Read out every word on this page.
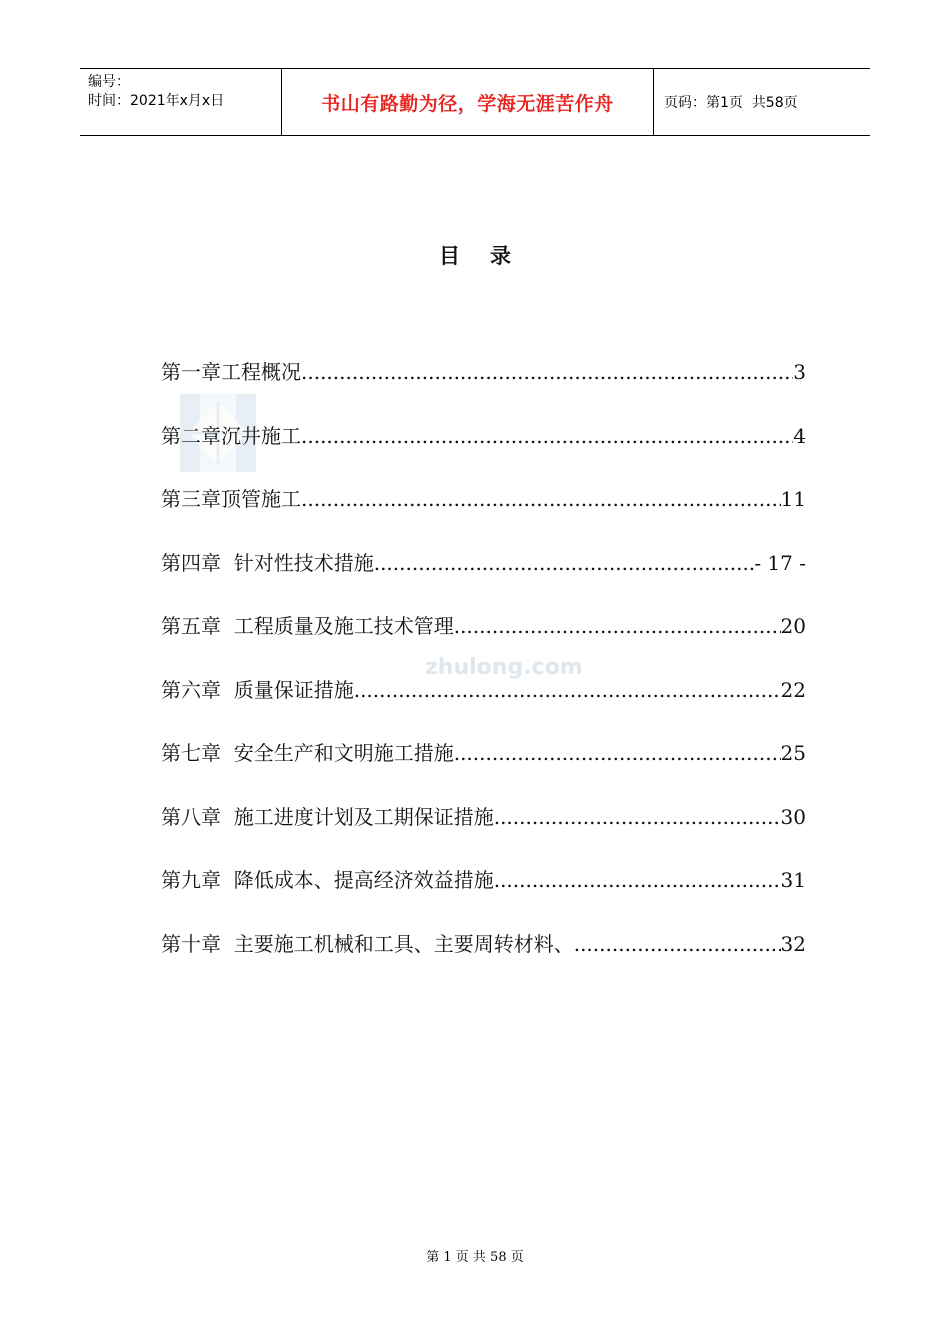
编号：
时间：2021年x月x日	书山有路勤为径，学海无涯苦作舟	页码：第1页  共58页
目录
zhulong.com
第一章工程概况 .....	3
第二章沉井施工 .....	4
第三章顶管施工 .....	11
第四章  针对性技术措施 .....	- 17 -
第五章  工程质量及施工技术管理 .....	20
第六章  质量保证措施 .....	22
第七章  安全生产和文明施工措施 .....	25
第八章  施工进度计划及工期保证措施 .....	30
第九章  降低成本、提高经济效益措施 .....	31
第十章  主要施工机械和工具、主要周转材料、 .....	32
第 1 页 共 58 页
